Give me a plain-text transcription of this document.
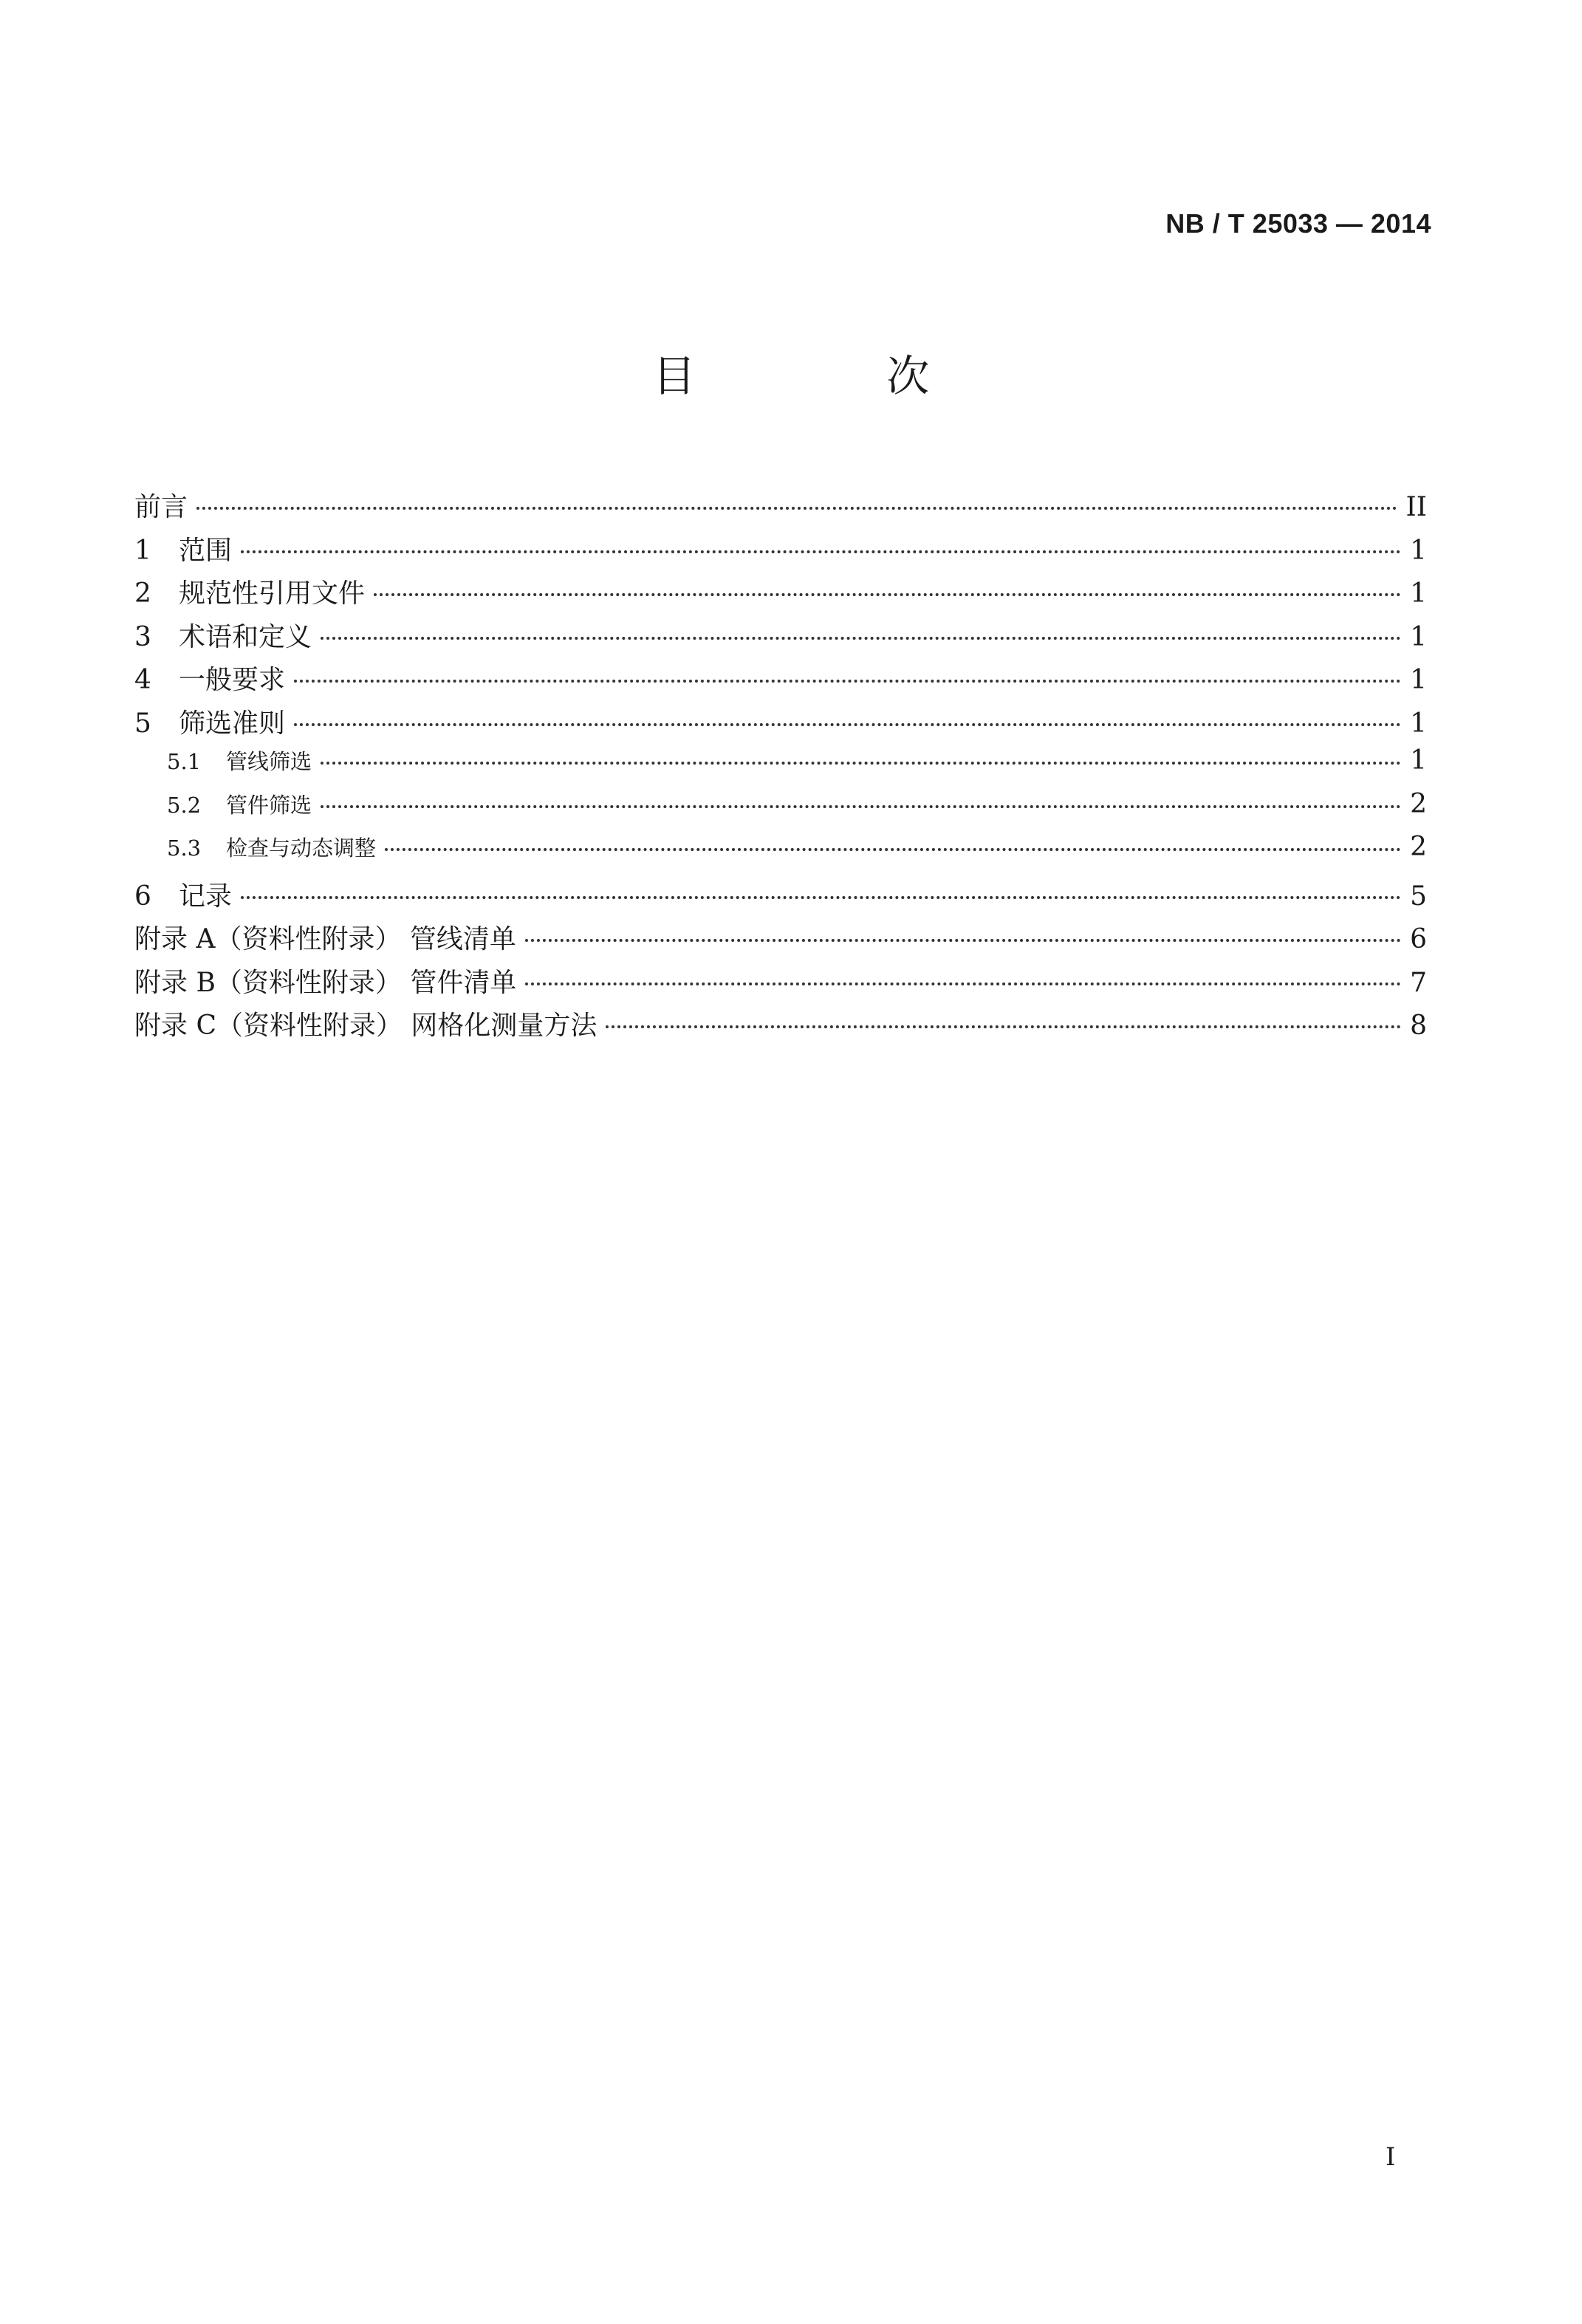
NB / T 25033 — 2014
目 次
前言	II
1	范围	1
2	规范性引用文件	1
3	术语和定义	1
4	一般要求	1
5	筛选准则	1
5.1	管线筛选	1
5.2	管件筛选	2
5.3	检查与动态调整	2
6	记录	5
附录 A（资料性附录） 管线清单	6
附录 B（资料性附录） 管件清单	7
附录 C（资料性附录） 网格化测量方法	8
I
